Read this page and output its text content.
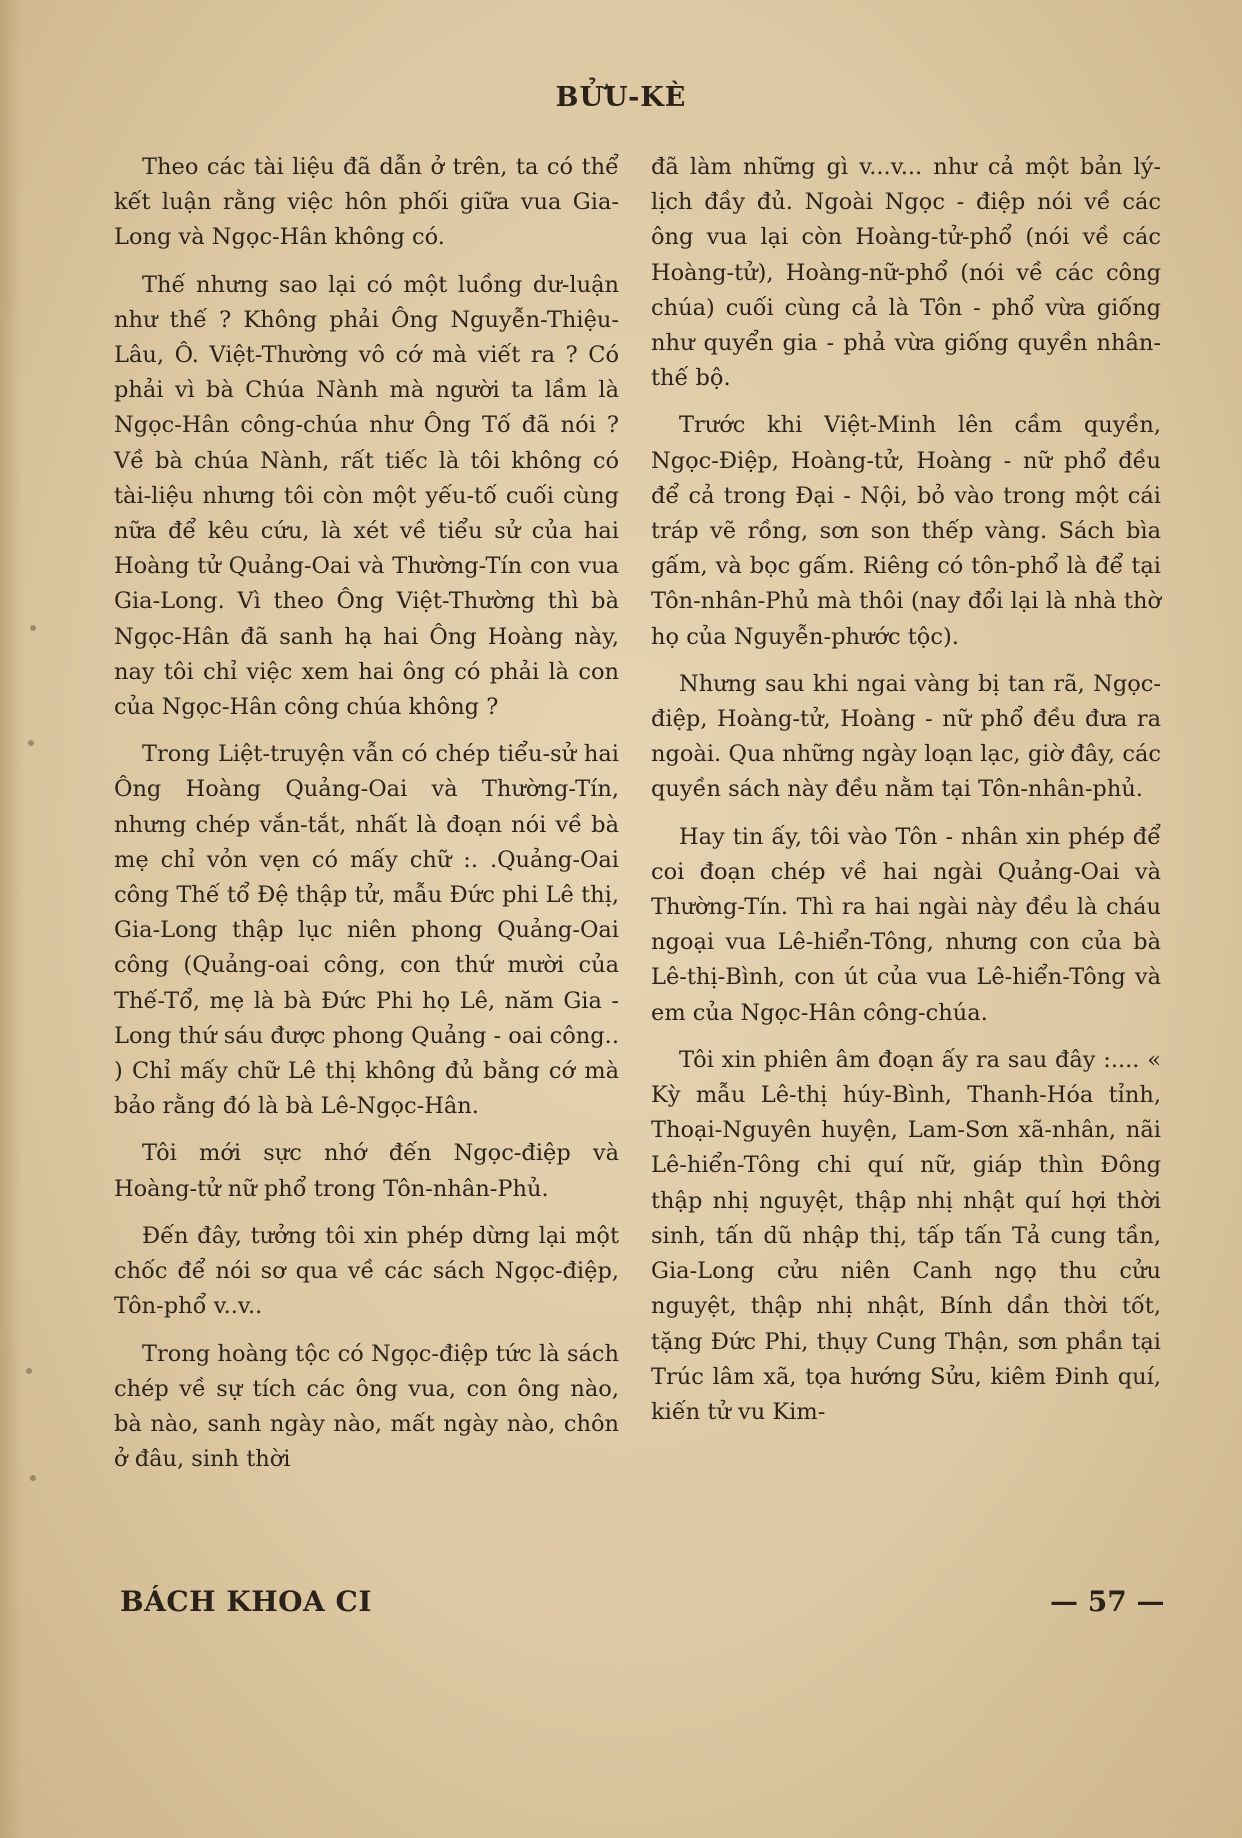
BỬU-KÈ

Theo các tài liệu đã dẫn ở trên, ta có thể kết luận rằng việc hôn phối giữa vua Gia-Long và Ngọc-Hân không có.

Thế nhưng sao lại có một luồng dư-luận như thế ? Không phải Ông Nguyễn-Thiệu-Lâu, Ô. Việt-Thường vô cớ mà viết ra ? Có phải vì bà Chúa Nành mà người ta lầm là Ngọc-Hân công-chúa như Ông Tố đã nói ? Về bà chúa Nành, rất tiếc là tôi không có tài-liệu nhưng tôi còn một yếu-tố cuối cùng nữa để kêu cứu, là xét về tiểu sử của hai Hoàng tử Quảng-Oai và Thường-Tín con vua Gia-Long. Vì theo Ông Việt-Thường thì bà Ngọc-Hân đã sanh hạ hai Ông Hoàng này, nay tôi chỉ việc xem hai ông có phải là con của Ngọc-Hân công chúa không ?

Trong Liệt-truyện vẫn có chép tiểu-sử hai Ông Hoàng Quảng-Oai và Thường-Tín, nhưng chép vắn-tắt, nhất là đoạn nói về bà mẹ chỉ vỏn vẹn có mấy chữ :. .Quảng-Oai công Thế tổ Đệ thập tử, mẫu Đức phi Lê thị, Gia-Long thập lục niên phong Quảng-Oai công (Quảng-oai công, con thứ mười của Thế-Tổ, mẹ là bà Đức Phi họ Lê, năm Gia - Long thứ sáu được phong Quảng - oai công.. ) Chỉ mấy chữ Lê thị không đủ bằng cớ mà bảo rằng đó là bà Lê-Ngọc-Hân.

Tôi mới sực nhớ đến Ngọc-điệp và Hoàng-tử nữ phổ trong Tôn-nhân-Phủ.

Đến đây, tưởng tôi xin phép dừng lại một chốc để nói sơ qua về các sách Ngọc-điệp, Tôn-phổ v..v..

Trong hoàng tộc có Ngọc-điệp tức là sách chép về sự tích các ông vua, con ông nào, bà nào, sanh ngày nào, mất ngày nào, chôn ở đâu, sinh thời

đã làm những gì v...v... như cả một bản lý-lịch đầy đủ. Ngoài Ngọc - điệp nói về các ông vua lại còn Hoàng-tử-phổ (nói về các Hoàng-tử), Hoàng-nữ-phổ (nói về các công chúa) cuối cùng cả là Tôn - phổ vừa giống như quyển gia - phả vừa giống quyền nhân-thế bộ.

Trước khi Việt-Minh lên cầm quyền, Ngọc-Điệp, Hoàng-tử, Hoàng - nữ phổ đều để cả trong Đại - Nội, bỏ vào trong một cái tráp vẽ rồng, sơn son thếp vàng. Sách bìa gấm, và bọc gấm. Riêng có tôn-phổ là để tại Tôn-nhân-Phủ mà thôi (nay đổi lại là nhà thờ họ của Nguyễn-phước tộc).

Nhưng sau khi ngai vàng bị tan rã, Ngọc-điệp, Hoàng-tử, Hoàng - nữ phổ đều đưa ra ngoài. Qua những ngày loạn lạc, giờ đây, các quyền sách này đều nằm tại Tôn-nhân-phủ.

Hay tin ấy, tôi vào Tôn - nhân xin phép để coi đoạn chép về hai ngài Quảng-Oai và Thường-Tín. Thì ra hai ngài này đều là cháu ngoại vua Lê-hiển-Tông, nhưng con của bà Lê-thị-Bình, con út của vua Lê-hiển-Tông và em của Ngọc-Hân công-chúa.

Tôi xin phiên âm đoạn ấy ra sau đây :.... « Kỳ mẫu Lê-thị húy-Bình, Thanh-Hóa tỉnh, Thoại-Nguyên huyện, Lam-Sơn xã-nhân, nãi Lê-hiển-Tông chi quí nữ, giáp thìn Đông thập nhị nguyệt, thập nhị nhật quí hợi thời sinh, tấn dũ nhập thị, tấp tấn Tả cung tần, Gia-Long cửu niên Canh ngọ thu cửu nguyệt, thập nhị nhật, Bính dần thời tốt, tặng Đức Phi, thụy Cung Thận, sơn phần tại Trúc lâm xã, tọa hướng Sửu, kiêm Đinh quí, kiến tử vu Kim-

BÁCH KHOA CI	— 57 —
